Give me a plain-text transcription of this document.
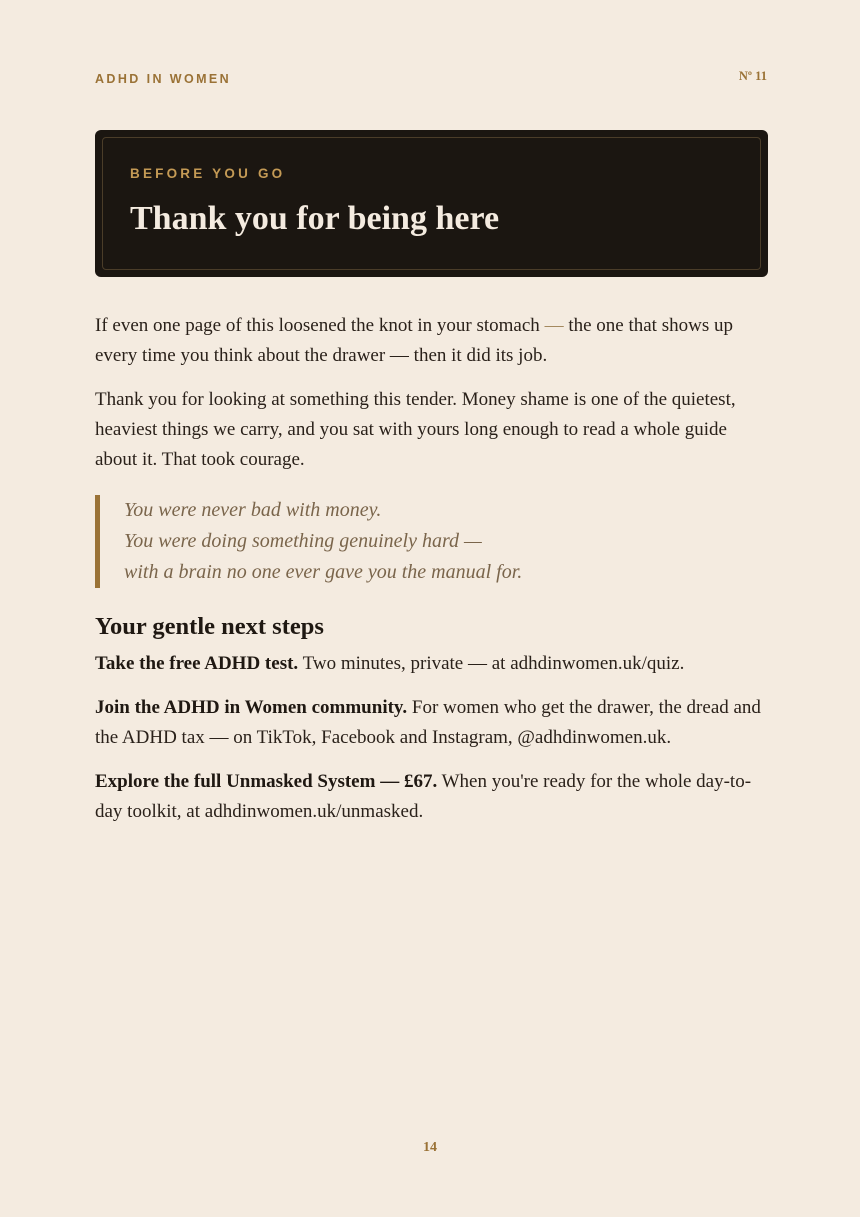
ADHD IN WOMEN	Nº 11
BEFORE YOU GO
Thank you for being here

If even one page of this loosened the knot in your stomach — the one that shows up every time you think about the drawer — then it did its job.

Thank you for looking at something this tender. Money shame is one of the quietest, heaviest things we carry, and you sat with yours long enough to read a whole guide about it. That took courage.

You were never bad with money.
You were doing something genuinely hard —
with a brain no one ever gave you the manual for.
Your gentle next steps

Take the free ADHD test. Two minutes, private — at adhdinwomen.uk/quiz.

Join the ADHD in Women community. For women who get the drawer, the dread and the ADHD tax — on TikTok, Facebook and Instagram, @adhdinwomen.uk.

Explore the full Unmasked System — £67. When you're ready for the whole day-to-day toolkit, at adhdinwomen.uk/unmasked.

14
